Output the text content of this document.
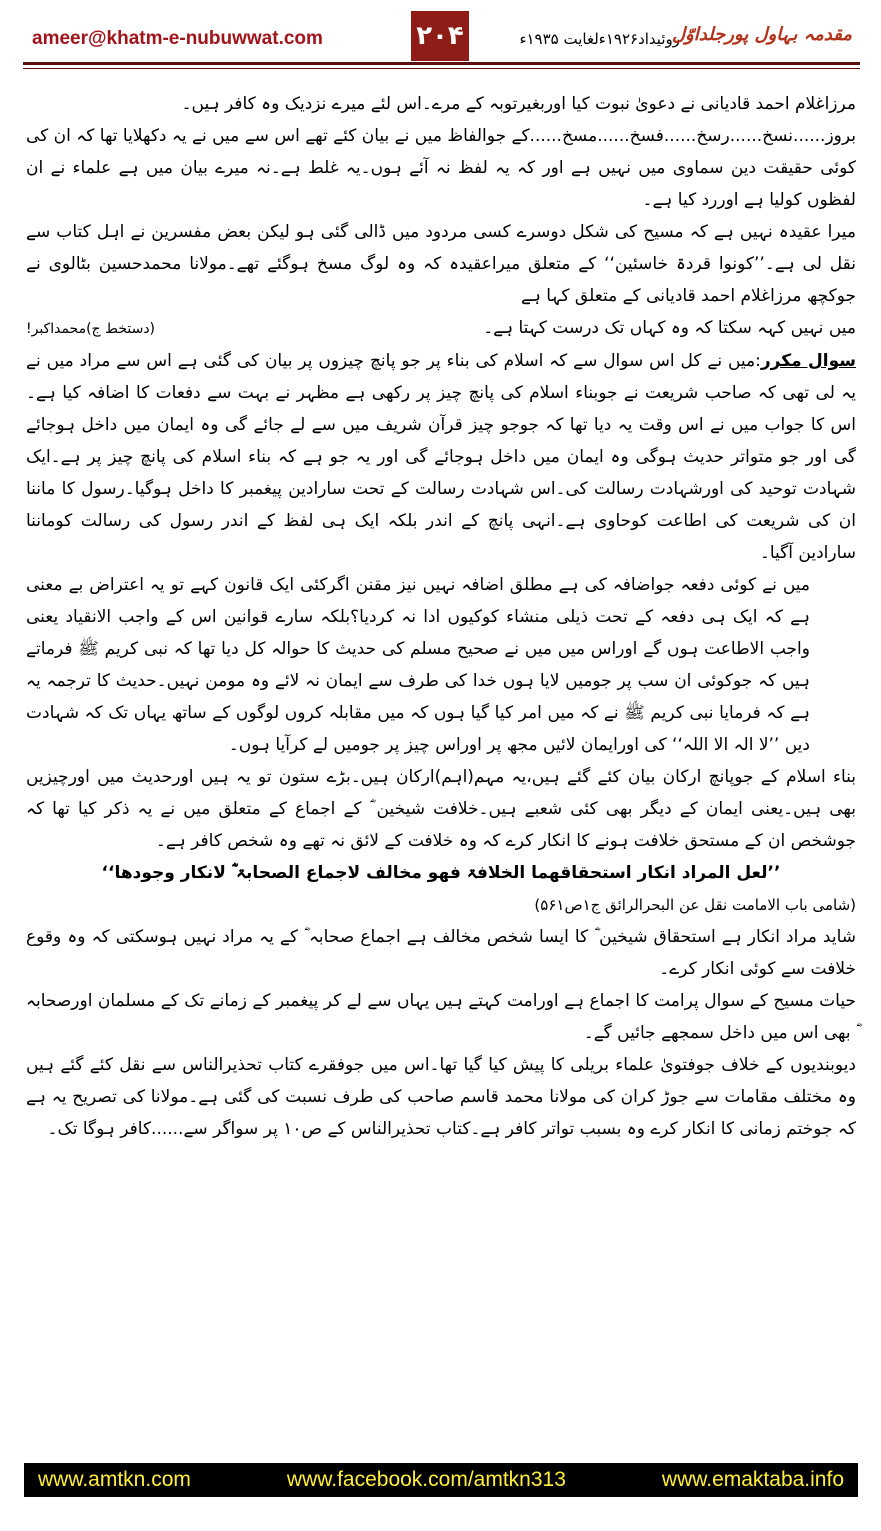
ameer@khatm-e-nubuwwat.com	۲۰۴	روئیداد۱۹۲۶ءلغایت ۱۹۳۵ء
مقدمہ بہاول پورجلداوّل

مرزاغلام احمد قادیانی نے دعویٰ نبوت کیا اوربغیرتوبہ کے مرے۔اس لئے میرے نزدیک وہ کافر ہیں۔

بروز......نسخ......رسخ......فسخ......مسخ......کے جوالفاظ میں نے بیان کئے تھے اس سے میں نے یہ دکھلایا تھا کہ ان کی کوئی حقیقت دین سماوی میں نہیں ہے اور کہ یہ لفظ نہ آئے ہوں۔یہ غلط ہے۔نہ میرے بیان میں ہے علماء نے ان لفظوں کولیا ہے اوررد کیا ہے۔

میرا عقیدہ نہیں ہے کہ مسیح کی شکل دوسرے کسی مردود میں ڈالی گئی ہو لیکن بعض مفسرین نے اہل کتاب سے نقل لی ہے۔’’کونوا قردۃ خاسئین‘‘ کے متعلق میراعقیدہ کہ وہ لوگ مسخ ہوگئے تھے۔مولانا محمدحسین بٹالوی نے جوکچھ مرزاغلام احمد قادیانی کے متعلق کہا ہے

میں نہیں کہہ سکتا کہ وہ کہاں تک درست کہتا ہے۔
(دستخط ج)محمداکبر!

سوال مکرر:میں نے کل اس سوال سے کہ اسلام کی بناء پر جو پانچ چیزوں پر بیان کی گئی ہے اس سے مراد میں نے یہ لی تھی کہ صاحب شریعت نے جوبناء اسلام کی پانچ چیز پر رکھی ہے مظہر نے بہت سے دفعات کا اضافہ کیا ہے۔اس کا جواب میں نے اس وقت یہ دیا تھا کہ جوجو چیز قرآن شریف میں سے لے جائے گی وہ ایمان میں داخل ہوجائے گی اور جو متواتر حدیث ہوگی وہ ایمان میں داخل ہوجائے گی اور یہ جو ہے کہ بناء اسلام کی پانچ چیز پر ہے۔ایک شہادت توحید کی اورشہادت رسالت کی۔اس شہادت رسالت کے تحت سارادین پیغمبر کا داخل ہوگیا۔رسول کا ماننا ان کی شریعت کی اطاعت کوحاوی ہے۔انہی پانچ کے اندر بلکہ ایک ہی لفظ کے اندر رسول کی رسالت کوماننا سارادین آگیا۔

میں نے کوئی دفعہ جواضافہ کی ہے مطلق اضافہ نہیں نیز مقنن اگرکئی ایک قانون کہے تو یہ اعتراض بے معنی ہے کہ ایک ہی دفعہ کے تحت ذیلی منشاء کوکیوں ادا نہ کردیا؟بلکہ سارے قوانین اس کے واجب الانقیاد یعنی واجب الاطاعت ہوں گے اوراس میں میں نے صحیح مسلم کی حدیث کا حوالہ کل دیا تھا کہ نبی کریم ﷺ فرماتے ہیں کہ جوکوئی ان سب پر جومیں لایا ہوں خدا کی طرف سے ایمان نہ لائے وہ مومن نہیں۔حدیث کا ترجمہ یہ ہے کہ فرمایا نبی کریم ﷺ نے کہ میں امر کیا گیا ہوں کہ میں مقابلہ کروں لوگوں کے ساتھ یہاں تک کہ شہادت دیں ’’لا الہ الا اللہ‘‘ کی اورایمان لائیں مجھ پر اوراس چیز پر جومیں لے کرآیا ہوں۔

بناء اسلام کے جوپانچ ارکان بیان کئے گئے ہیں،یہ مہم(اہم)ارکان ہیں۔بڑے ستون تو یہ ہیں اورحدیث میں اورچیزیں بھی ہیں۔یعنی ایمان کے دیگر بھی کئی شعبے ہیں۔خلافت شیخین ؓ کے اجماع کے متعلق میں نے یہ ذکر کیا تھا کہ جوشخص ان کے مستحق خلافت ہونے کا انکار کرے کہ وہ خلافت کے لائق نہ تھے وہ شخص کافر ہے۔

’’لعل المراد انکار استحقاقھما الخلافۃ فھو مخالف لاجماع الصحابۃ ؓ لانکار وجودھا‘‘

(شامی باب الامامت نقل عن البحرالرائق ج۱ص۵۶۱)

شاید مراد انکار ہے استحقاق شیخین ؓ کا ایسا شخص مخالف ہے اجماع صحابہ ؓ کے یہ مراد نہیں ہوسکتی کہ وہ وقوع خلافت سے کوئی انکار کرے۔

حیات مسیح کے سوال پرامت کا اجماع ہے اورامت کہتے ہیں یہاں سے لے کر پیغمبر کے زمانے تک کے مسلمان اورصحابہ ؓ بھی اس میں داخل سمجھے جائیں گے۔

دیوبندیوں کے خلاف جوفتویٰ علماء بریلی کا پیش کیا گیا تھا۔اس میں جوفقرے کتاب تحذیرالناس سے نقل کئے گئے ہیں وہ مختلف مقامات سے جوڑ کران کی مولانا محمد قاسم صاحب کی طرف نسبت کی گئی ہے۔مولانا کی تصریح یہ ہے کہ جوختم زمانی کا انکار کرے وہ بسبب تواتر کافر ہے۔کتاب تحذیرالناس کے ص۱۰ پر سواگر سے......کافر ہوگا تک۔

www.amtkn.com	www.facebook.com/amtkn313	www.emaktaba.info
